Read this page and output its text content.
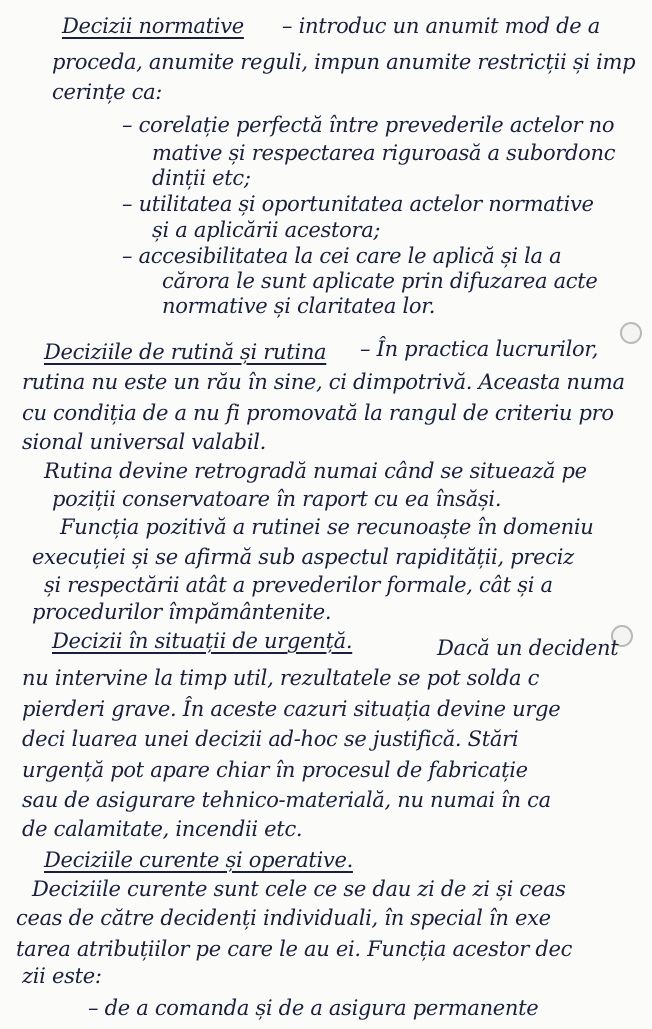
Decizii normative – introduc un anumit mod de a
proceda, anumite reguli, impun anumite restricții și imp
cerințe ca:
– corelație perfectă între prevederile actelor no
mative și respectarea riguroasă a subordonc
dinții etc;
– utilitatea și oportunitatea actelor normative
și a aplicării acestora;
– accesibilitatea la cei care le aplică și la a
cărora le sunt aplicate prin difuzarea acte
normative și claritatea lor.
Deciziile de rutină și rutina – În practica lucrurilor,
rutina nu este un rău în sine, ci dimpotrivă. Aceasta numa
cu condiția de a nu fi promovată la rangul de criteriu pro
sional universal valabil.
Rutina devine retrogradă numai când se situează pe
poziții conservatoare în raport cu ea însăși.
Funcția pozitivă a rutinei se recunoaște în domeniu
execuției și se afirmă sub aspectul rapidității, preciz
și respectării atât a prevederilor formale, cât și a
procedurilor împământenite.
Decizii în situații de urgență.	Dacă un decident
nu intervine la timp util, rezultatele se pot solda c
pierderi grave. În aceste cazuri situația devine urge
deci luarea unei decizii ad-hoc se justifică. Stări
urgență pot apare chiar în procesul de fabricație
sau de asigurare tehnico-materială, nu numai în ca
de calamitate, incendii etc.
Deciziile curente și operative.
Deciziile curente sunt cele ce se dau zi de zi și ceas
ceas de către decidenți individuali, în special în exe
tarea atribuțiilor pe care le au ei. Funcția acestor dec
zii este:
– de a comanda și de a asigura permanente
